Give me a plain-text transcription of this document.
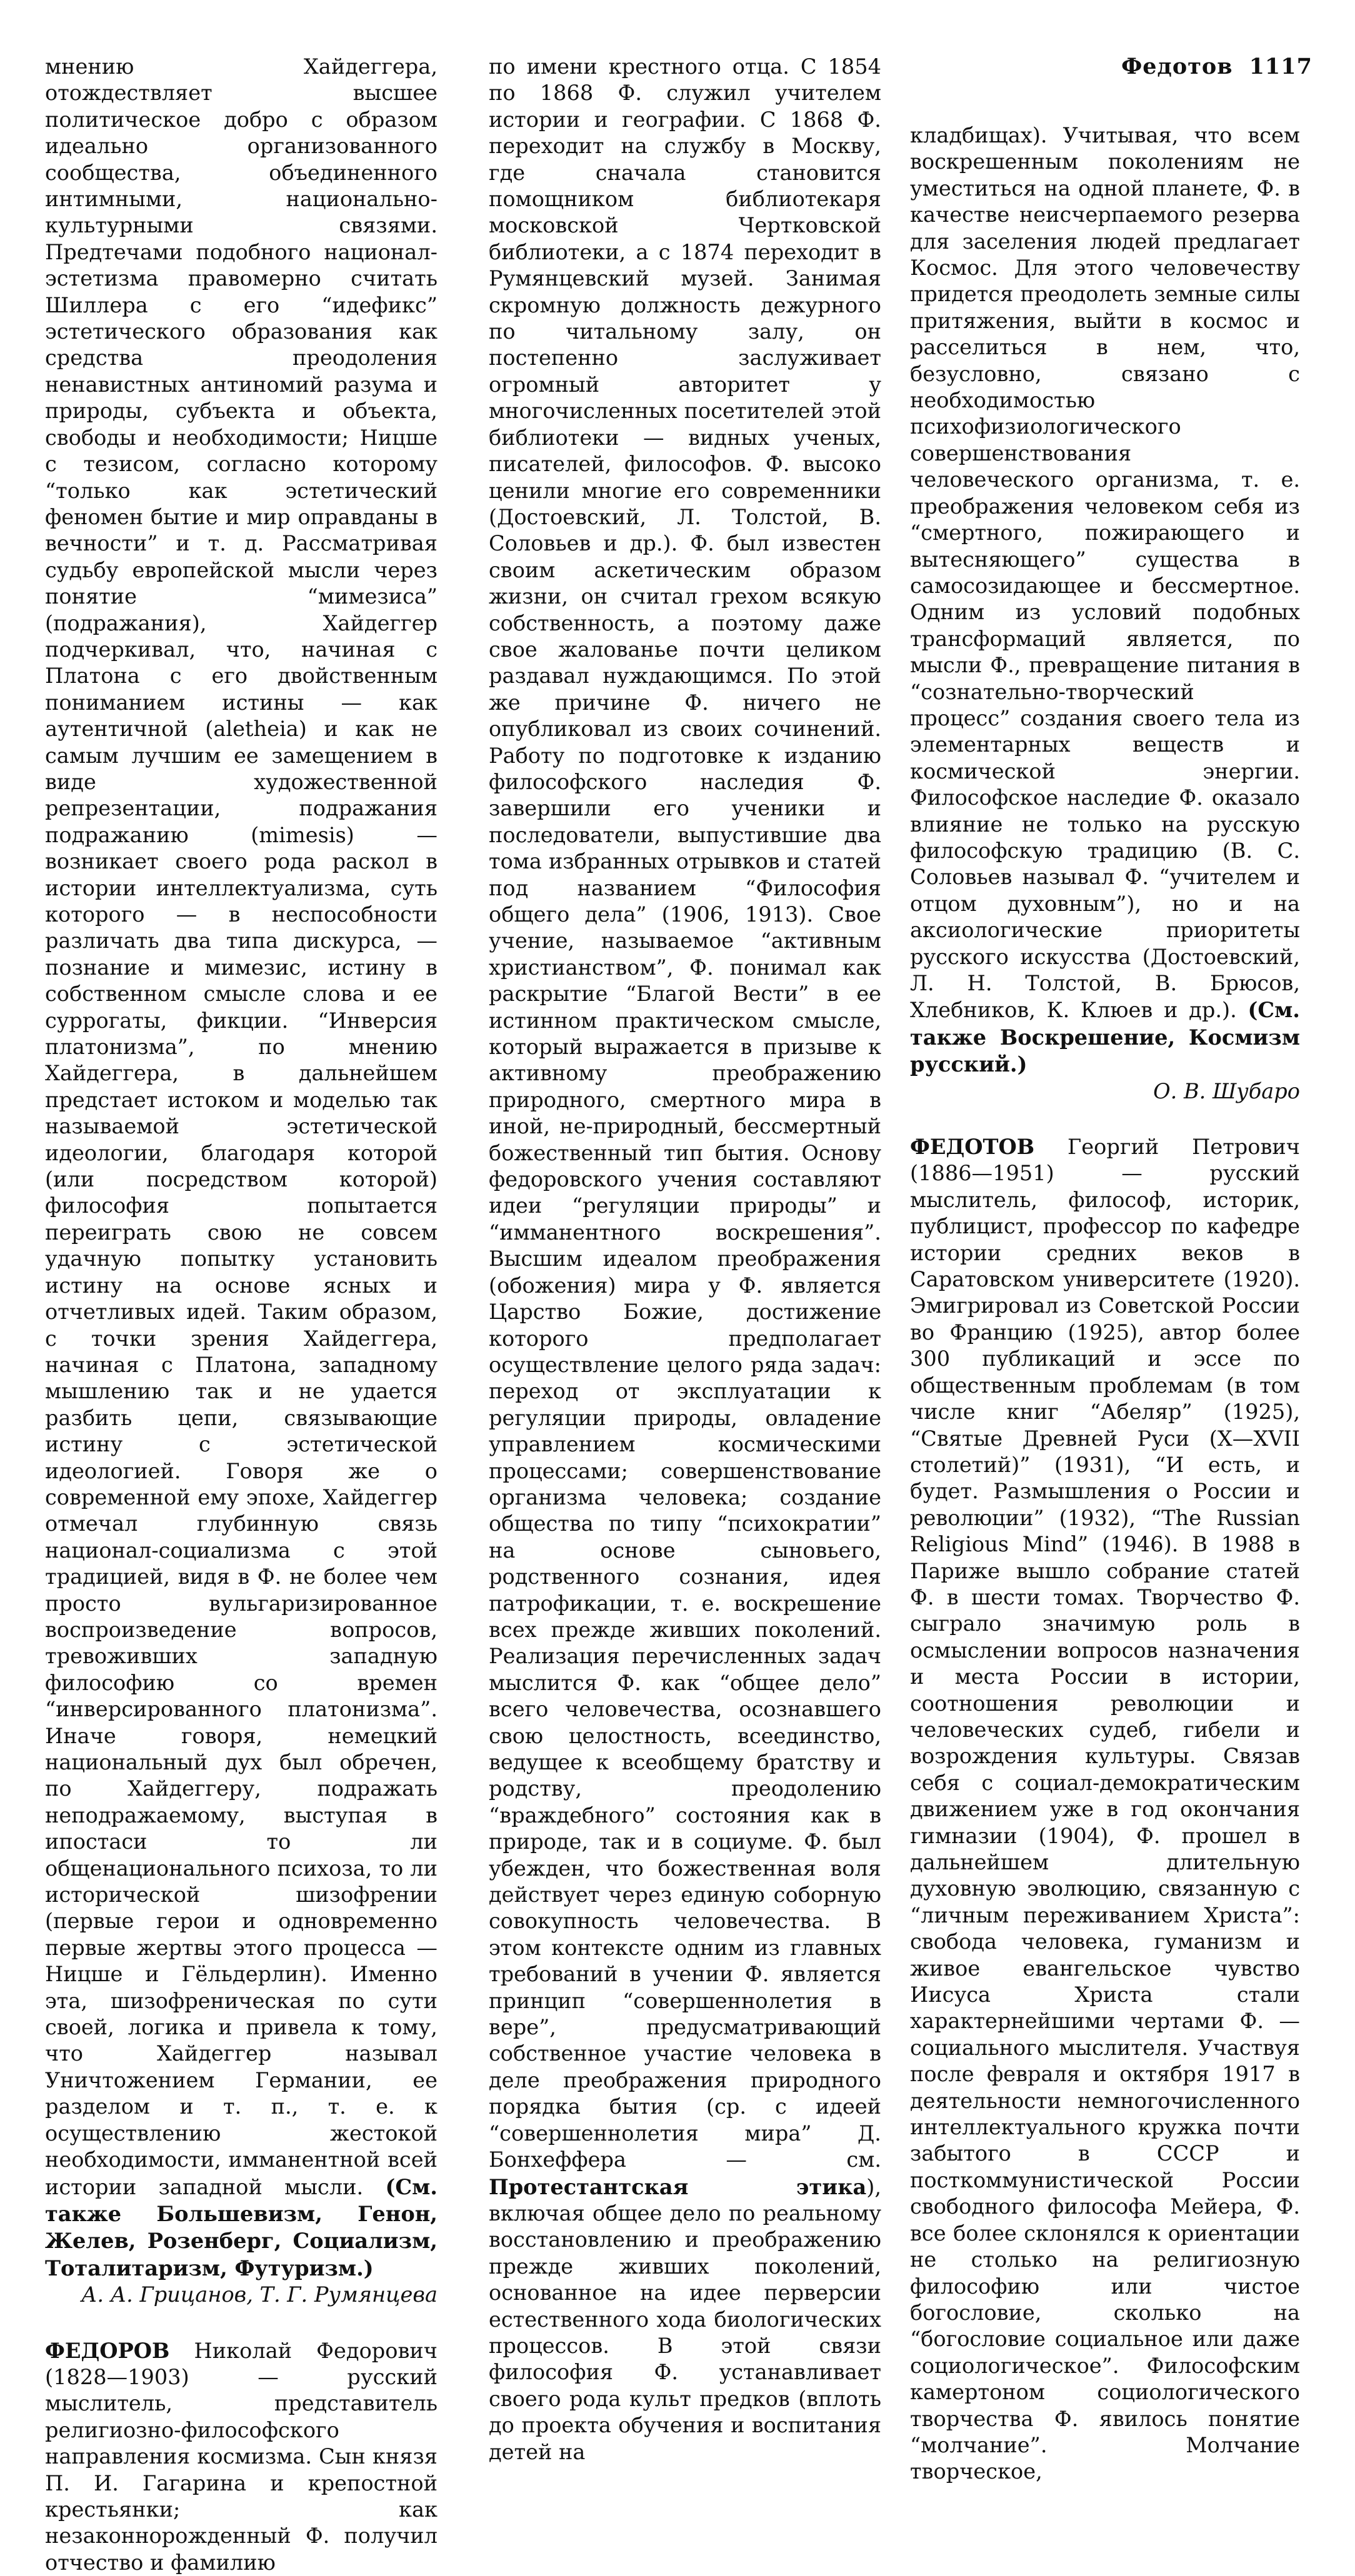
Федотов 1117

мнению Хайдеггера, отождествляет высшее политическое добро с образом идеально организованного сообщества, объединенного интимными, национально-культурными связями. Предтечами подобного национал-эстетизма правомерно считать Шиллера с его “идефикс” эстетического образования как средства преодоления ненавистных антиномий разума и природы, субъекта и объекта, свободы и необходимости; Ницше с тезисом, согласно которому “только как эстетический феномен бытие и мир оправданы в вечности” и т. д. Рассматривая судьбу европейской мысли через понятие “мимезиса” (подражания), Хайдеггер подчеркивал, что, начиная с Платона с его двойственным пониманием истины — как аутентичной (aletheia) и как не самым лучшим ее замещением в виде художественной репрезентации, подражания подражанию (mimesis) — возникает своего рода раскол в истории интеллектуализма, суть которого — в неспособности различать два типа дискурса, — познание и мимезис, истину в собственном смысле слова и ее суррогаты, фикции. “Инверсия платонизма”, по мнению Хайдеггера, в дальнейшем предстает истоком и моделью так называемой эстетической идеологии, благодаря которой (или посредством которой) философия попытается переиграть свою не совсем удачную попытку установить истину на основе ясных и отчетливых идей. Таким образом, с точки зрения Хайдеггера, начиная с Платона, западному мышлению так и не удается разбить цепи, связывающие истину с эстетической идеологией. Говоря же о современной ему эпохе, Хайдеггер отмечал глубинную связь национал-социализма с этой традицией, видя в Ф. не более чем просто вульгаризированное воспроизведение вопросов, тревоживших западную философию со времен “инверсированного платонизма”. Иначе говоря, немецкий национальный дух был обречен, по Хайдеггеру, подражать неподражаемому, выступая в ипостаси то ли общенационального психоза, то ли исторической шизофрении (первые герои и одновременно первые жертвы этого процесса — Ницше и Гёльдерлин). Именно эта, шизофреническая по сути своей, логика и привела к тому, что Хайдеггер называл Уничтожением Германии, ее разделом и т. п., т. е. к осуществлению жестокой необходимости, имманентной всей истории западной мысли. (См. также Большевизм, Генон, Желев, Розенберг, Социализм, Тоталитаризм, Футуризм.)

А. А. Грицанов, Т. Г. Румянцева

ФЕДОРОВ Николай Федорович (1828—1903) — русский мыслитель, представитель религиозно-философского направления космизма. Сын князя П. И. Гагарина и крепостной крестьянки; как незаконнорожденный Ф. получил отчество и фамилию

по имени крестного отца. С 1854 по 1868 Ф. служил учителем истории и географии. С 1868 Ф. переходит на службу в Москву, где сначала становится помощником библиотекаря московской Чертковской библиотеки, а с 1874 переходит в Румянцевский музей. Занимая скромную должность дежурного по читальному залу, он постепенно заслуживает огромный авторитет у многочисленных посетителей этой библиотеки — видных ученых, писателей, философов. Ф. высоко ценили многие его современники (Достоевский, Л. Толстой, В. Соловьев и др.). Ф. был известен своим аскетическим образом жизни, он считал грехом всякую собственность, а поэтому даже свое жалованье почти целиком раздавал нуждающимся. По этой же причине Ф. ничего не опубликовал из своих сочинений. Работу по подготовке к изданию философского наследия Ф. завершили его ученики и последователи, выпустившие два тома избранных отрывков и статей под названием “Философия общего дела” (1906, 1913). Свое учение, называемое “активным христианством”, Ф. понимал как раскрытие “Благой Вести” в ее истинном практическом смысле, который выражается в призыве к активному преображению природного, смертного мира в иной, не-природный, бессмертный божественный тип бытия. Основу федоровского учения составляют идеи “регуляции природы” и “имманентного воскрешения”. Высшим идеалом преображения (обожения) мира у Ф. является Царство Божие, достижение которого предполагает осуществление целого ряда задач: переход от эксплуатации к регуляции природы, овладение управлением космическими процессами; совершенствование организма человека; создание общества по типу “психократии” на основе сыновьего, родственного сознания, идея патрофикации, т. е. воскрешение всех прежде живших поколений. Реализация перечисленных задач мыслится Ф. как “общее дело” всего человечества, осознавшего свою целостность, всеединство, ведущее к всеобщему братству и родству, преодолению “враждебного” состояния как в природе, так и в социуме. Ф. был убежден, что божественная воля действует через единую соборную совокупность человечества. В этом контексте одним из главных требований в учении Ф. является принцип “совершеннолетия в вере”, предусматривающий собственное участие человека в деле преображения природного порядка бытия (ср. с идеей “совершеннолетия мира” Д. Бонхеффера — см. Протестантская этика), включая общее дело по реальному восстановлению и преображению прежде живших поколений, основанное на идее перверсии естественного хода биологических процессов. В этой связи философия Ф. устанавливает своего рода культ предков (вплоть до проекта обучения и воспитания детей на

кладбищах). Учитывая, что всем воскрешенным поколениям не уместиться на одной планете, Ф. в качестве неисчерпаемого резерва для заселения людей предлагает Космос. Для этого человечеству придется преодолеть земные силы притяжения, выйти в космос и расселиться в нем, что, безусловно, связано с необходимостью психофизиологического совершенствования человеческого организма, т. е. преображения человеком себя из “смертного, пожирающего и вытесняющего” существа в самосозидающее и бессмертное. Одним из условий подобных трансформаций является, по мысли Ф., превращение питания в “сознательно-творческий процесс” создания своего тела из элементарных веществ и космической энергии. Философское наследие Ф. оказало влияние не только на русскую философскую традицию (В. С. Соловьев называл Ф. “учителем и отцом духовным”), но и на аксиологические приоритеты русского искусства (Достоевский, Л. Н. Толстой, В. Брюсов, Хлебников, К. Клюев и др.). (См. также Воскрешение, Космизм русский.)

О. В. Шубаро

ФЕДОТОВ Георгий Петрович (1886—1951) — русский мыслитель, философ, историк, публицист, профессор по кафедре истории средних веков в Саратовском университете (1920). Эмигрировал из Советской России во Францию (1925), автор более 300 публикаций и эссе по общественным проблемам (в том числе книг “Абеляр” (1925), “Святые Древней Руси (X—XVII столетий)” (1931), “И есть, и будет. Размышления о России и революции” (1932), “The Russian Religious Mind” (1946). В 1988 в Париже вышло собрание статей Ф. в шести томах. Творчество Ф. сыграло значимую роль в осмыслении вопросов назначения и места России в истории, соотношения революции и человеческих судеб, гибели и возрождения культуры. Связав себя с социал-демократическим движением уже в год окончания гимназии (1904), Ф. прошел в дальнейшем длительную духовную эволюцию, связанную с “личным переживанием Христа”: свобода человека, гуманизм и живое евангельское чувство Иисуса Христа стали характернейшими чертами Ф. — социального мыслителя. Участвуя после февраля и октября 1917 в деятельности немногочисленного интеллектуального кружка почти забытого в СССР и посткоммунистической России свободного философа Мейера, Ф. все более склонялся к ориентации не столько на религиозную философию или чистое богословие, сколько на “богословие социальное или даже социологическое”. Философским камертоном социологического творчества Ф. явилось понятие “молчание”. Молчание творческое,
